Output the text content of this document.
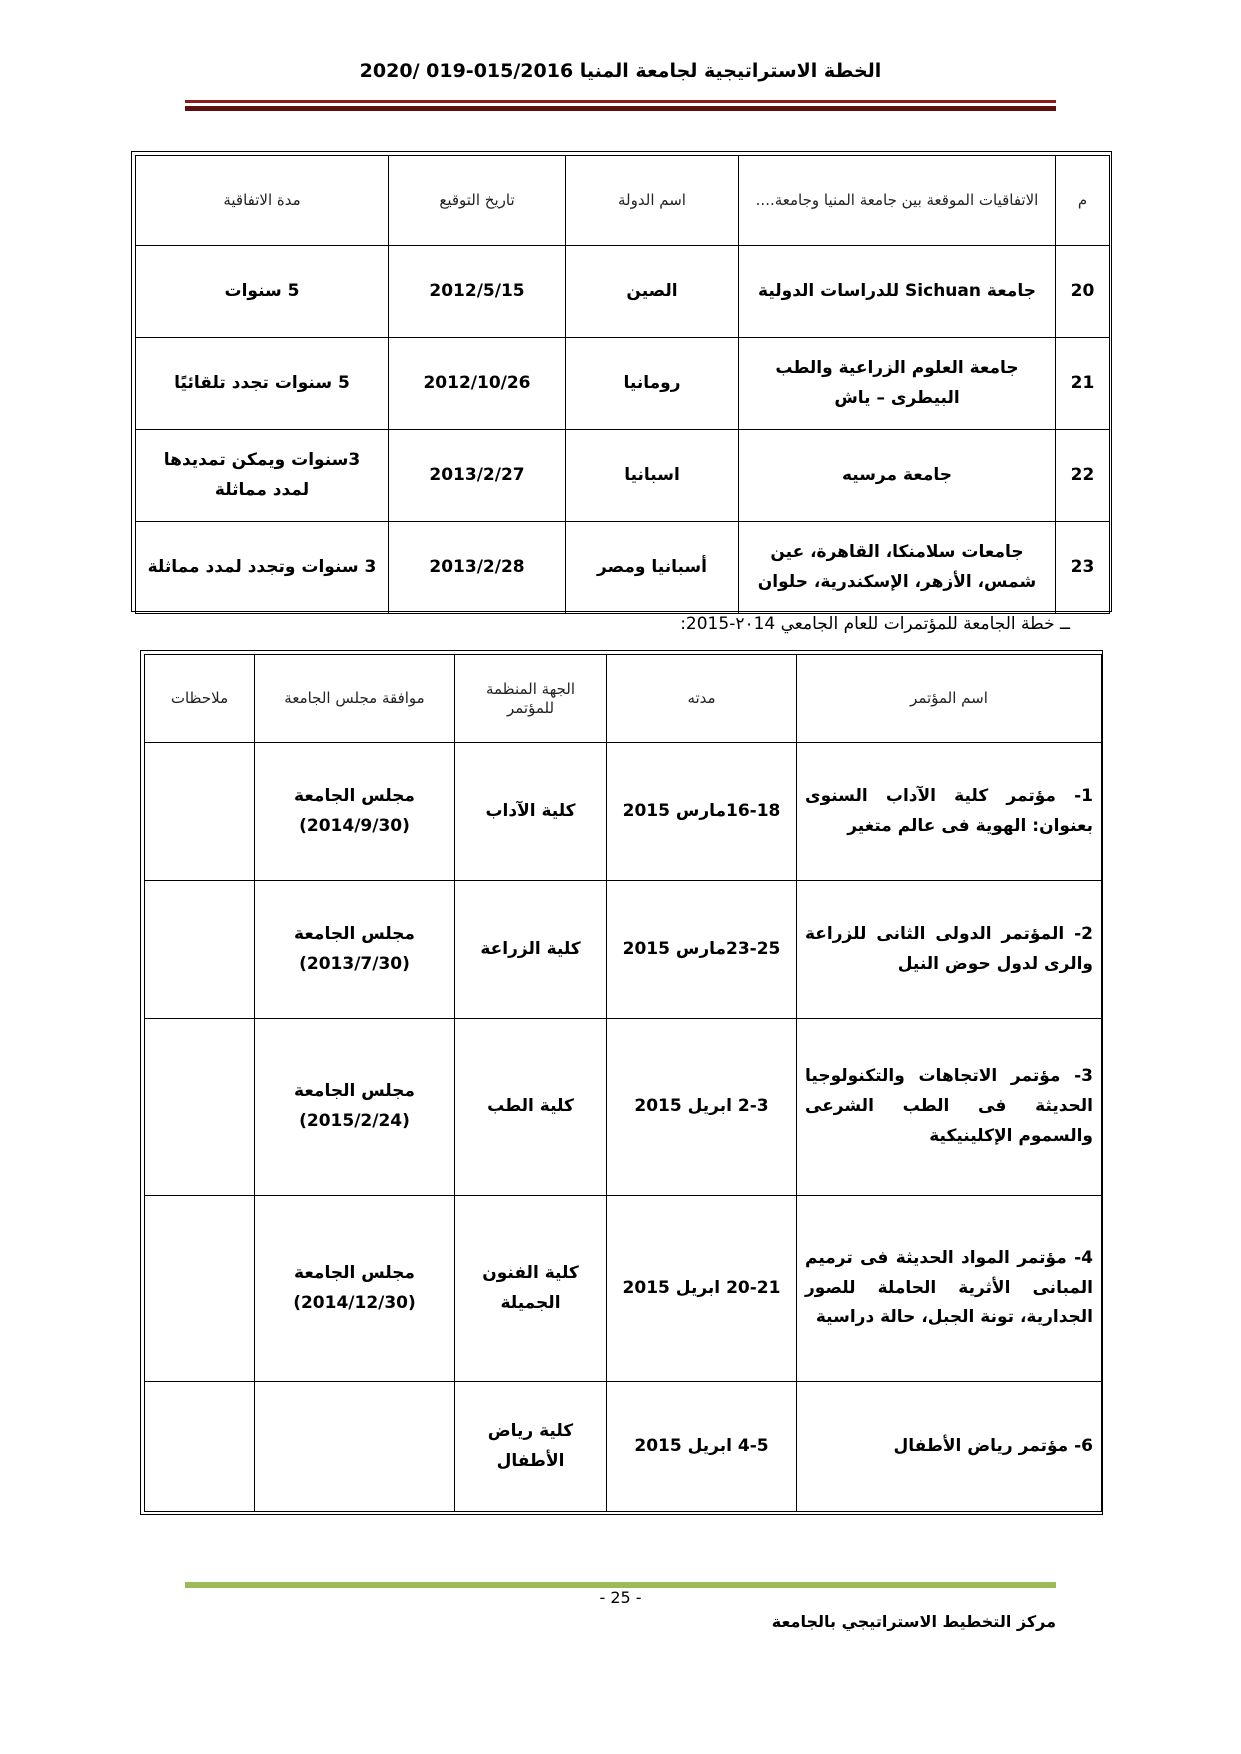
الخطة الاستراتيجية لجامعة المنيا 015/2016-019 /2020
م	الاتفاقيات الموقعة بين جامعة المنيا وجامعة....	اسم الدولة	تاريخ التوقيع	مدة الاتفاقية
20	جامعة Sichuan للدراسات الدولية	الصين	2012/5/15	5 سنوات
21	جامعة العلوم الزراعية والطب البيطرى – ياش	رومانيا	2012/10/26	5 سنوات تجدد تلقائيًا
22	جامعة مرسيه	اسبانيا	2013/2/27	3سنوات ويمكن تمديدها لمدد مماثلة
23	جامعات سلامنكا، القاهرة، عين شمس، الأزهر، الإسكندرية، حلوان	أسبانيا ومصر	2013/2/28	3 سنوات وتجدد لمدد مماثلة
ــ خطة الجامعة للمؤتمرات للعام الجامعي ٢٠14-2015:
اسم المؤتمر	مدته	الجهة المنظمة للمؤتمر	موافقة مجلس الجامعة	ملاحظات
1- مؤتمر كلية الآداب السنوى بعنوان: الهوية فى عالم متغير	16-18مارس 2015	كلية الآداب	مجلس الجامعة (2014/9/30)	
2- المؤتمر الدولى الثانى للزراعة والرى لدول حوض النيل	23-25مارس 2015	كلية الزراعة	مجلس الجامعة (2013/7/30)	
3- مؤتمر الاتجاهات والتكنولوجيا الحديثة فى الطب الشرعى والسموم الإكلينيكية	2-3 ابريل 2015	كلية الطب	مجلس الجامعة (2015/2/24)	
4- مؤتمر المواد الحديثة فى ترميم المبانى الأثرية الحاملة للصور الجدارية، تونة الجبل، حالة دراسية	20-21 ابريل 2015	كلية الفنون الجميلة	مجلس الجامعة (2014/12/30)	
6- مؤتمر رياض الأطفال	4-5 ابريل 2015	كلية رياض الأطفال		
- 25 -
مركز التخطيط الاستراتيجي بالجامعة
